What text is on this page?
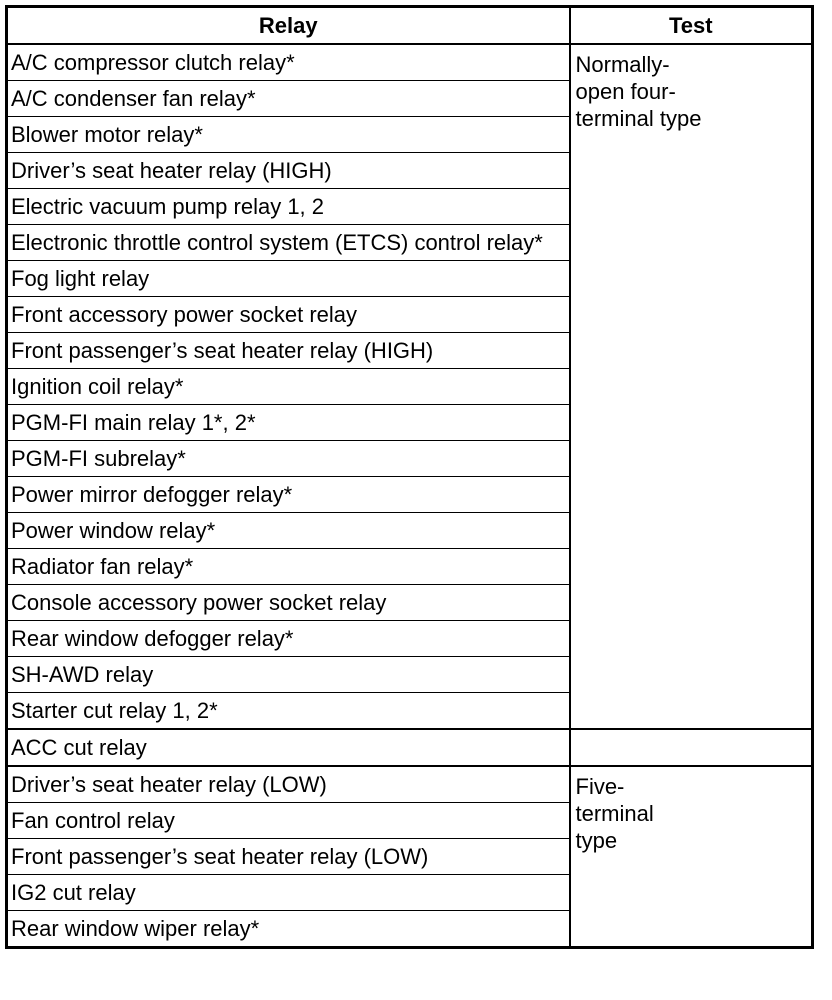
Relay	Test
A/C compressor clutch relay*	Normally-
open four-
terminal type

A/C condenser fan relay*	
Blower motor relay*	
Driver’s seat heater relay (HIGH)	
Electric vacuum pump relay 1, 2	
Electronic throttle control system (ETCS) control relay*	
Fog light relay	
Front accessory power socket relay	
Front passenger’s seat heater relay (HIGH)	
Ignition coil relay*	
PGM-FI main relay 1*, 2*	
PGM-FI subrelay*	
Power mirror defogger relay*	
Power window relay*	
Radiator fan relay*	
Console accessory power socket relay	
Rear window defogger relay*	
SH-AWD relay	
Starter cut relay 1, 2*	
ACC cut relay	

Driver’s seat heater relay (LOW)	Five-
terminal
type

Fan control relay	
Front passenger’s seat heater relay (LOW)	
IG2 cut relay	
Rear window wiper relay*	
